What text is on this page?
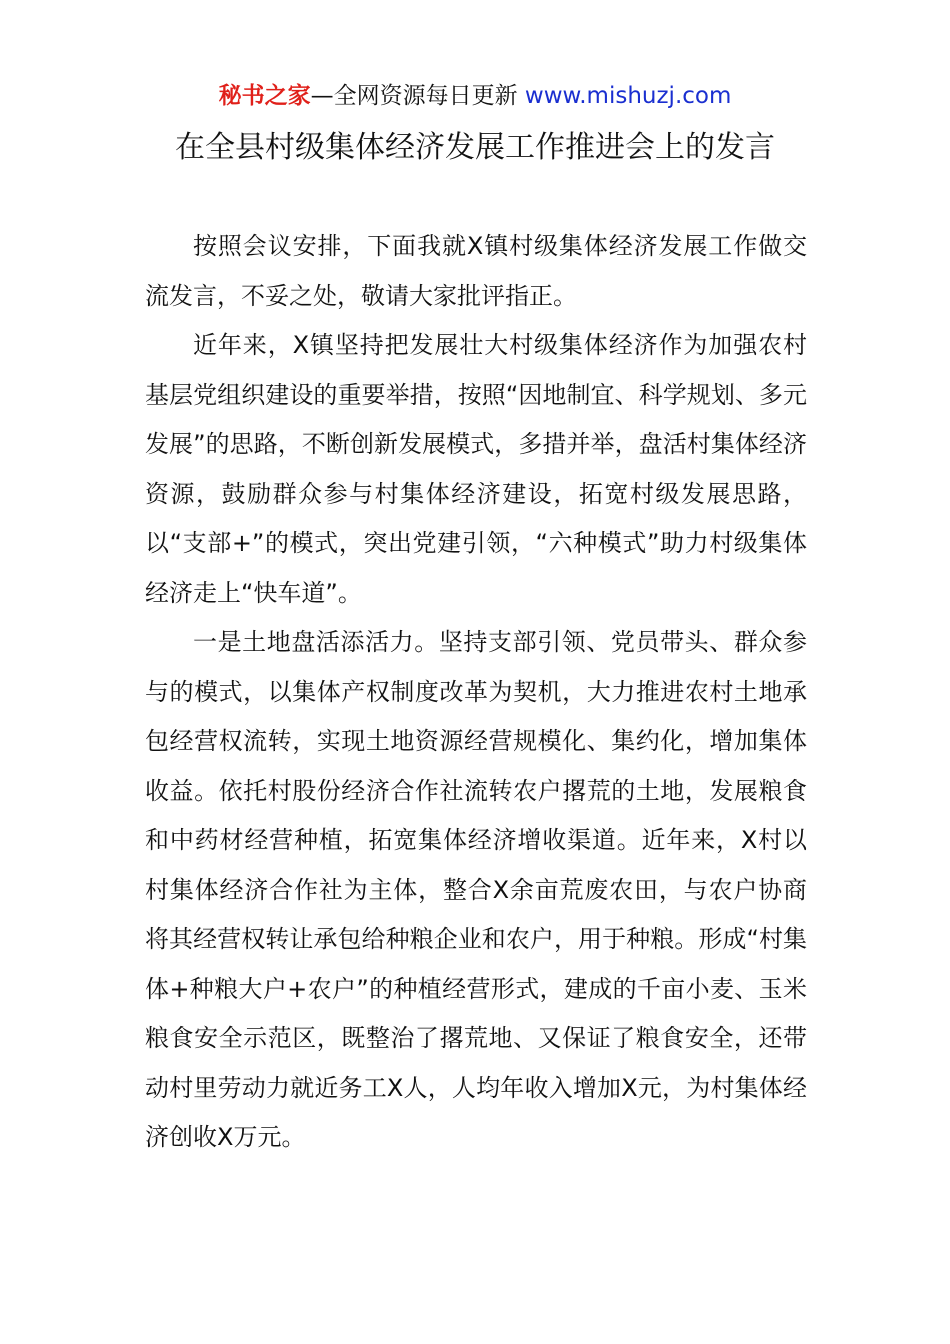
秘书之家—全网资源每日更新 www.mishuzj.com
在全县村级集体经济发展工作推进会上的发言

按照会议安排，下面我就X镇村级集体经济发展工作做交流发言，不妥之处，敬请大家批评指正。

近年来，X镇坚持把发展壮大村级集体经济作为加强农村基层党组织建设的重要举措，按照“因地制宜、科学规划、多元发展”的思路，不断创新发展模式，多措并举，盘活村集体经济资源，鼓励群众参与村集体经济建设，拓宽村级发展思路，以“支部+”的模式，突出党建引领，“六种模式”助力村级集体经济走上“快车道”。

一是土地盘活添活力。坚持支部引领、党员带头、群众参与的模式，以集体产权制度改革为契机，大力推进农村土地承包经营权流转，实现土地资源经营规模化、集约化，增加集体收益。依托村股份经济合作社流转农户撂荒的土地，发展粮食和中药材经营种植，拓宽集体经济增收渠道。近年来，X村以村集体经济合作社为主体，整合X余亩荒废农田，与农户协商将其经营权转让承包给种粮企业和农户，用于种粮。形成“村集体+种粮大户+农户”的种植经营形式，建成的千亩小麦、玉米粮食安全示范区，既整治了撂荒地、又保证了粮食安全，还带动村里劳动力就近务工X人，人均年收入增加X元，为村集体经济创收X万元。
